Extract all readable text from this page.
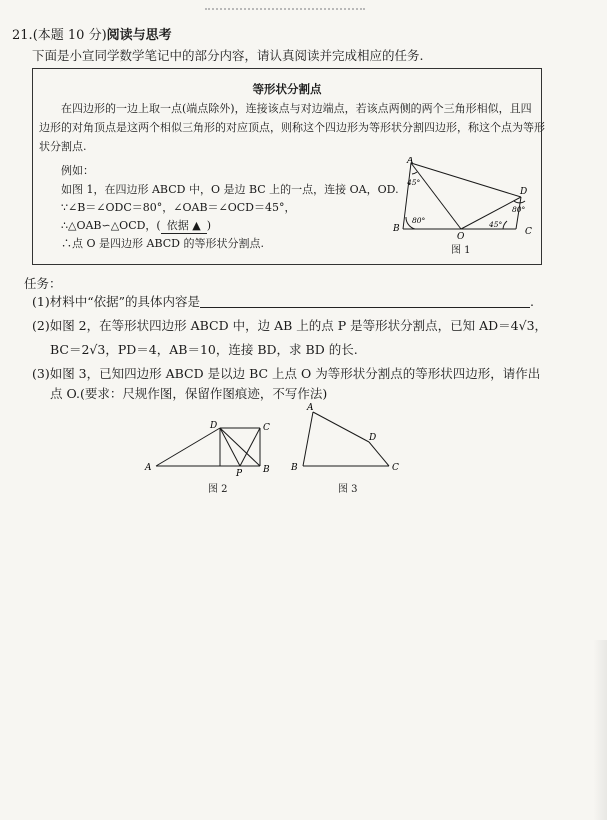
21.(本题 10 分)阅读与思考
下面是小宣同学数学笔记中的部分内容，请认真阅读并完成相应的任务.
等形状分割点
在四边形的一边上取一点(端点除外)，连接该点与对边端点，若该点两侧的两个三角形相似，且四
边形的对角顶点是这两个相似三角形的对应顶点，则称这个四边形为等形状分割四边形，称这个点为等形
状分割点.
例如：
如图 1，在四边形 ABCD 中，O 是边 BC 上的一点，连接 OA，OD.
∵∠B＝∠ODC＝80°，∠OAB＝∠OCD＝45°，
∴△OAB∽△OCD，( 依据 ▲ )
∴点 O 是四边形 ABCD 的等形状分割点.
A
B	C
D
O
45°
80°
80°
45°
图 1
任务：
(1)材料中“依据”的具体内容是	.
(2)如图 2，在等形状四边形 ABCD 中，边 AB 上的点 P 是等形状分割点，已知 AD＝4√3，
BC＝2√3，PD＝4，AB＝10，连接 BD，求 BD 的长.
(3)如图 3，已知四边形 ABCD 是以边 BC 上点 O 为等形状分割点的等形状四边形，请作出
点 O.(要求：尺规作图，保留作图痕迹，不写作法)
A	B
C
D
P
A
B	C
D
图 2	图 3
